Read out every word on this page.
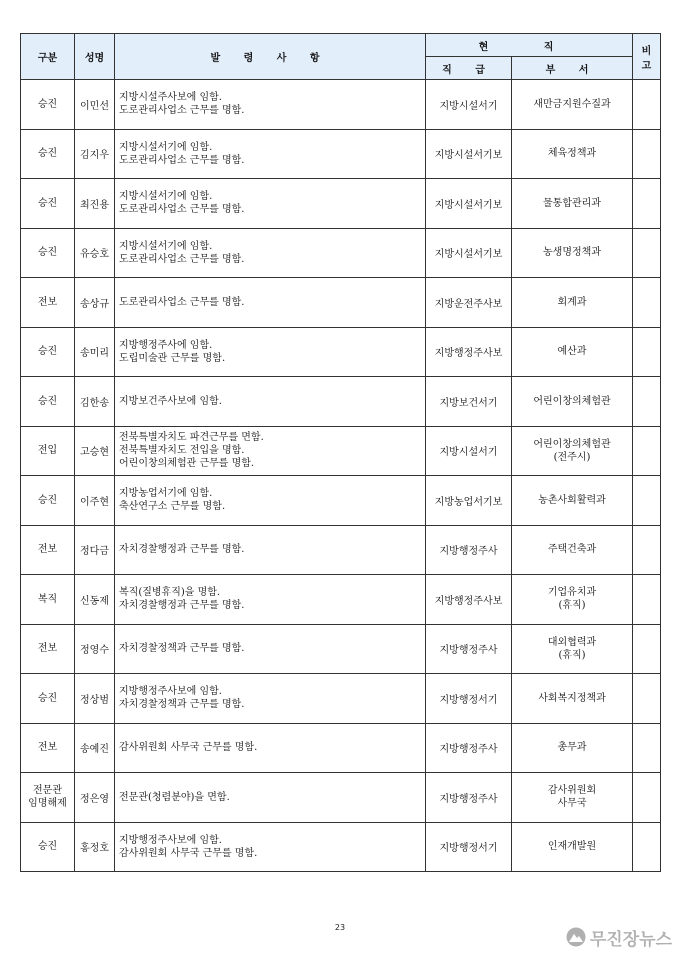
구분	성명	발 령 사 항	현 직		비고
			직 급	부 서	

승진	이민선	지방시설주사보에 임함.
도로관리사업소 근무를 명함.	지방시설서기	새만금지원수질과	

승진	김지우	지방시설서기에 임함.
도로관리사업소 근무를 명함.	지방시설서기보	체육정책과	

승진	최진용	지방시설서기에 임함.
도로관리사업소 근무를 명함.	지방시설서기보	물통합관리과	

승진	유승호	지방시설서기에 임함.
도로관리사업소 근무를 명함.	지방시설서기보	농생명정책과	

전보	송상규	도로관리사업소 근무를 명함.	지방운전주사보	회계과	

승진	송미리	지방행정주사에 임함.
도립미술관 근무를 명함.	지방행정주사보	예산과	

승진	김한송	지방보건주사보에 임함.	지방보건서기	어린이창의체험관	

전입	고승현	전북특별자치도 파견근무를 면함.
전북특별자치도 전입을 명함.
어린이창의체험관 근무를 명함.	지방시설서기	어린이창의체험관
(전주시)	

승진	이주현	지방농업서기에 임함.
축산연구소 근무를 명함.	지방농업서기보	농촌사회활력과	

전보	정다금	자치경찰행정과 근무를 명함.	지방행정주사	주택건축과	

복직	신동제	복직(질병휴직)을 명함.
자치경찰행정과 근무를 명함.	지방행정주사보	기업유치과
(휴직)	

전보	정영수	자치경찰정책과 근무를 명함.	지방행정주사	대외협력과
(휴직)	

승진	정상범	지방행정주사보에 임함.
자치경찰정책과 근무를 명함.	지방행정서기	사회복지정책과	

전보	송예진	감사위원회 사무국 근무를 명함.	지방행정주사	총무과	

전문관
임명해제	정은영	전문관(청렴분야)을 면함.	지방행정주사	감사위원회
사무국	

승진	홍정호	지방행정주사보에 임함.
감사위원회 사무국 근무를 명함.	지방행정서기	인재개발원	

23
무진장뉴스
